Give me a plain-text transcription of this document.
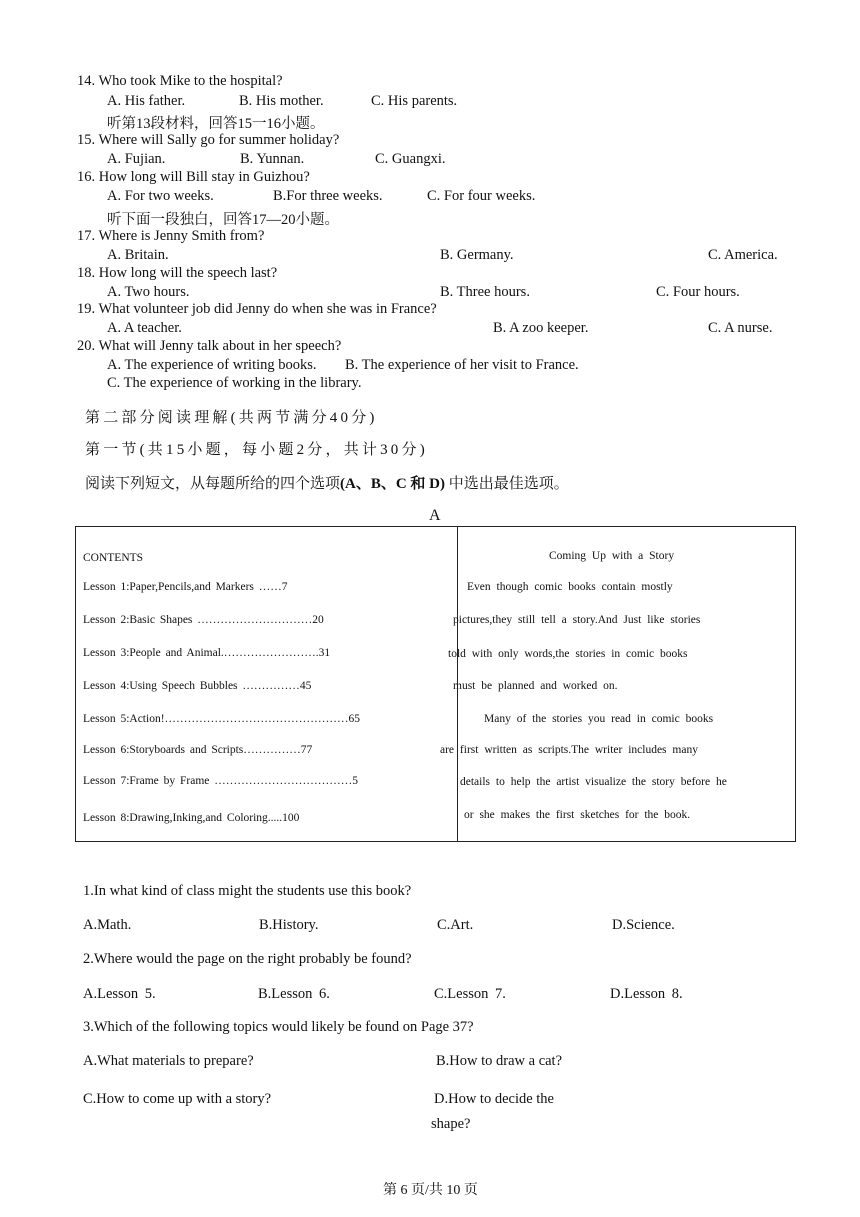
14. Who took Mike to the hospital?
A. His father.	B. His mother.	C. His parents.
听第13段材料，回答15一16小题。
15. Where will Sally go for summer holiday?
A. Fujian.	B. Yunnan.	C. Guangxi.
16. How long will Bill stay in Guizhou?
A. For two weeks.	B.For three weeks.	C. For four weeks.
听下面一段独白，回答17—20小题。
17. Where is Jenny Smith from?
A. Britain.	B. Germany.	C. America.
18. How long will the speech last?
A. Two hours.	B. Three hours.	C. Four hours.
19. What volunteer job did Jenny do when she was in France?
A. A teacher.	B. A zoo keeper.	C. A nurse.
20. What will Jenny talk about in her speech?
A. The experience of writing books. B. The experience of her visit to France.
C. The experience of working in the library.
第二部分阅读理解(共两节满分40分)
第一节(共15小题，每小题2分，共计30分)
阅读下列短文，从每题所给的四个选项(A、B、C 和 D) 中选出最佳选项。
A
CONTENTS
Lesson 1:Paper,Pencils,and Markers ……7
Lesson 2:Basic Shapes …………………………20
Lesson 3:People and Animal.…………………….31
Lesson 4:Using Speech Bubbles ……………45
Lesson 5:Action!…………………………………………65
Lesson 6:Storyboards and Scripts……………77
Lesson 7:Frame by Frame ………………………………5
Lesson 8:Drawing,Inking,and Coloring.....100
Coming Up with a Story
Even though comic books contain mostly
pictures,they still tell a story.And Just like stories
told with only words,the stories in comic books
must be planned and worked on.
Many of the stories you read in comic books
are first written as scripts.The writer includes many
details to help the artist visualize the story before he
or she makes the first sketches for the book.
1.In what kind of class might the students use this book?
A.Math.	B.History.	C.Art.	D.Science.
2.Where would the page on the right probably be found?
A.Lesson 5.	B.Lesson 6.	C.Lesson 7.	D.Lesson 8.
3.Which of the following topics would likely be found on Page 37?
A.What materials to prepare?	B.How to draw a cat?
C.How to come up with a story?	D.How to decide the
shape?
第 6 页/共 10 页
